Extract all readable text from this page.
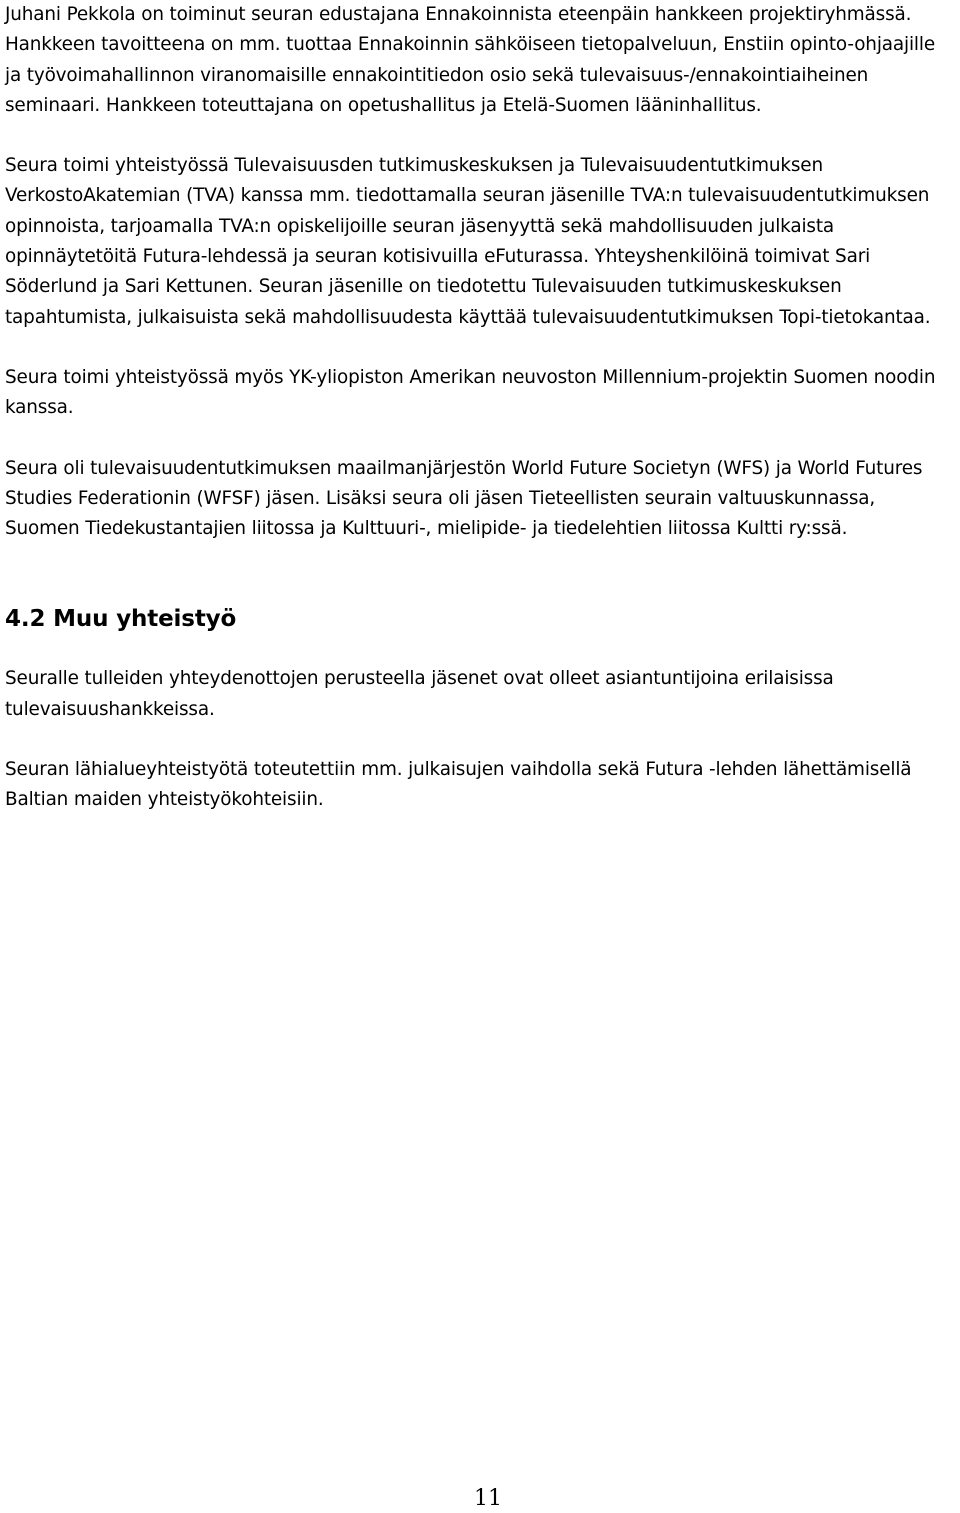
Juhani Pekkola on toiminut seuran edustajana Ennakoinnista eteenpäin hankkeen projektiryhmässä. Hankkeen tavoitteena on mm. tuottaa Ennakoinnin sähköiseen tietopalveluun, Enstiin opinto-ohjaajille ja työvoimahallinnon viranomaisille ennakointitiedon osio sekä tulevaisuus-/ennakointiaiheinen seminaari. Hankkeen toteuttajana on opetushallitus ja Etelä-Suomen lääninhallitus.

Seura toimi yhteistyössä Tulevaisuusden tutkimuskeskuksen ja Tulevaisuudentutkimuksen VerkostoAkatemian (TVA) kanssa mm. tiedottamalla seuran jäsenille TVA:n tulevaisuudentutkimuksen opinnoista, tarjoamalla TVA:n opiskelijoille seuran jäsenyyttä sekä mahdollisuuden julkaista opinnäytetöitä Futura-lehdessä ja seuran kotisivuilla eFuturassa. Yhteyshenkilöinä toimivat Sari Söderlund ja Sari Kettunen. Seuran jäsenille on tiedotettu Tulevaisuuden tutkimuskeskuksen tapahtumista, julkaisuista sekä mahdollisuudesta käyttää tulevaisuudentutkimuksen Topi-tietokantaa.

Seura toimi yhteistyössä myös YK-yliopiston Amerikan neuvoston Millennium-projektin Suomen noodin kanssa.

Seura oli tulevaisuudentutkimuksen maailmanjärjestön World Future Societyn (WFS) ja World Futures Studies Federationin (WFSF) jäsen. Lisäksi seura oli jäsen Tieteellisten seurain valtuuskunnassa, Suomen Tiedekustantajien liitossa ja Kulttuuri-, mielipide- ja tiedelehtien liitossa Kultti ry:ssä.

4.2 Muu yhteistyö

Seuralle tulleiden yhteydenottojen perusteella jäsenet ovat olleet asiantuntijoina erilaisissa tulevaisuushankkeissa.

Seuran lähialueyhteistyötä toteutettiin mm. julkaisujen vaihdolla sekä Futura -lehden lähettämisellä Baltian maiden yhteistyökohteisiin.

11
